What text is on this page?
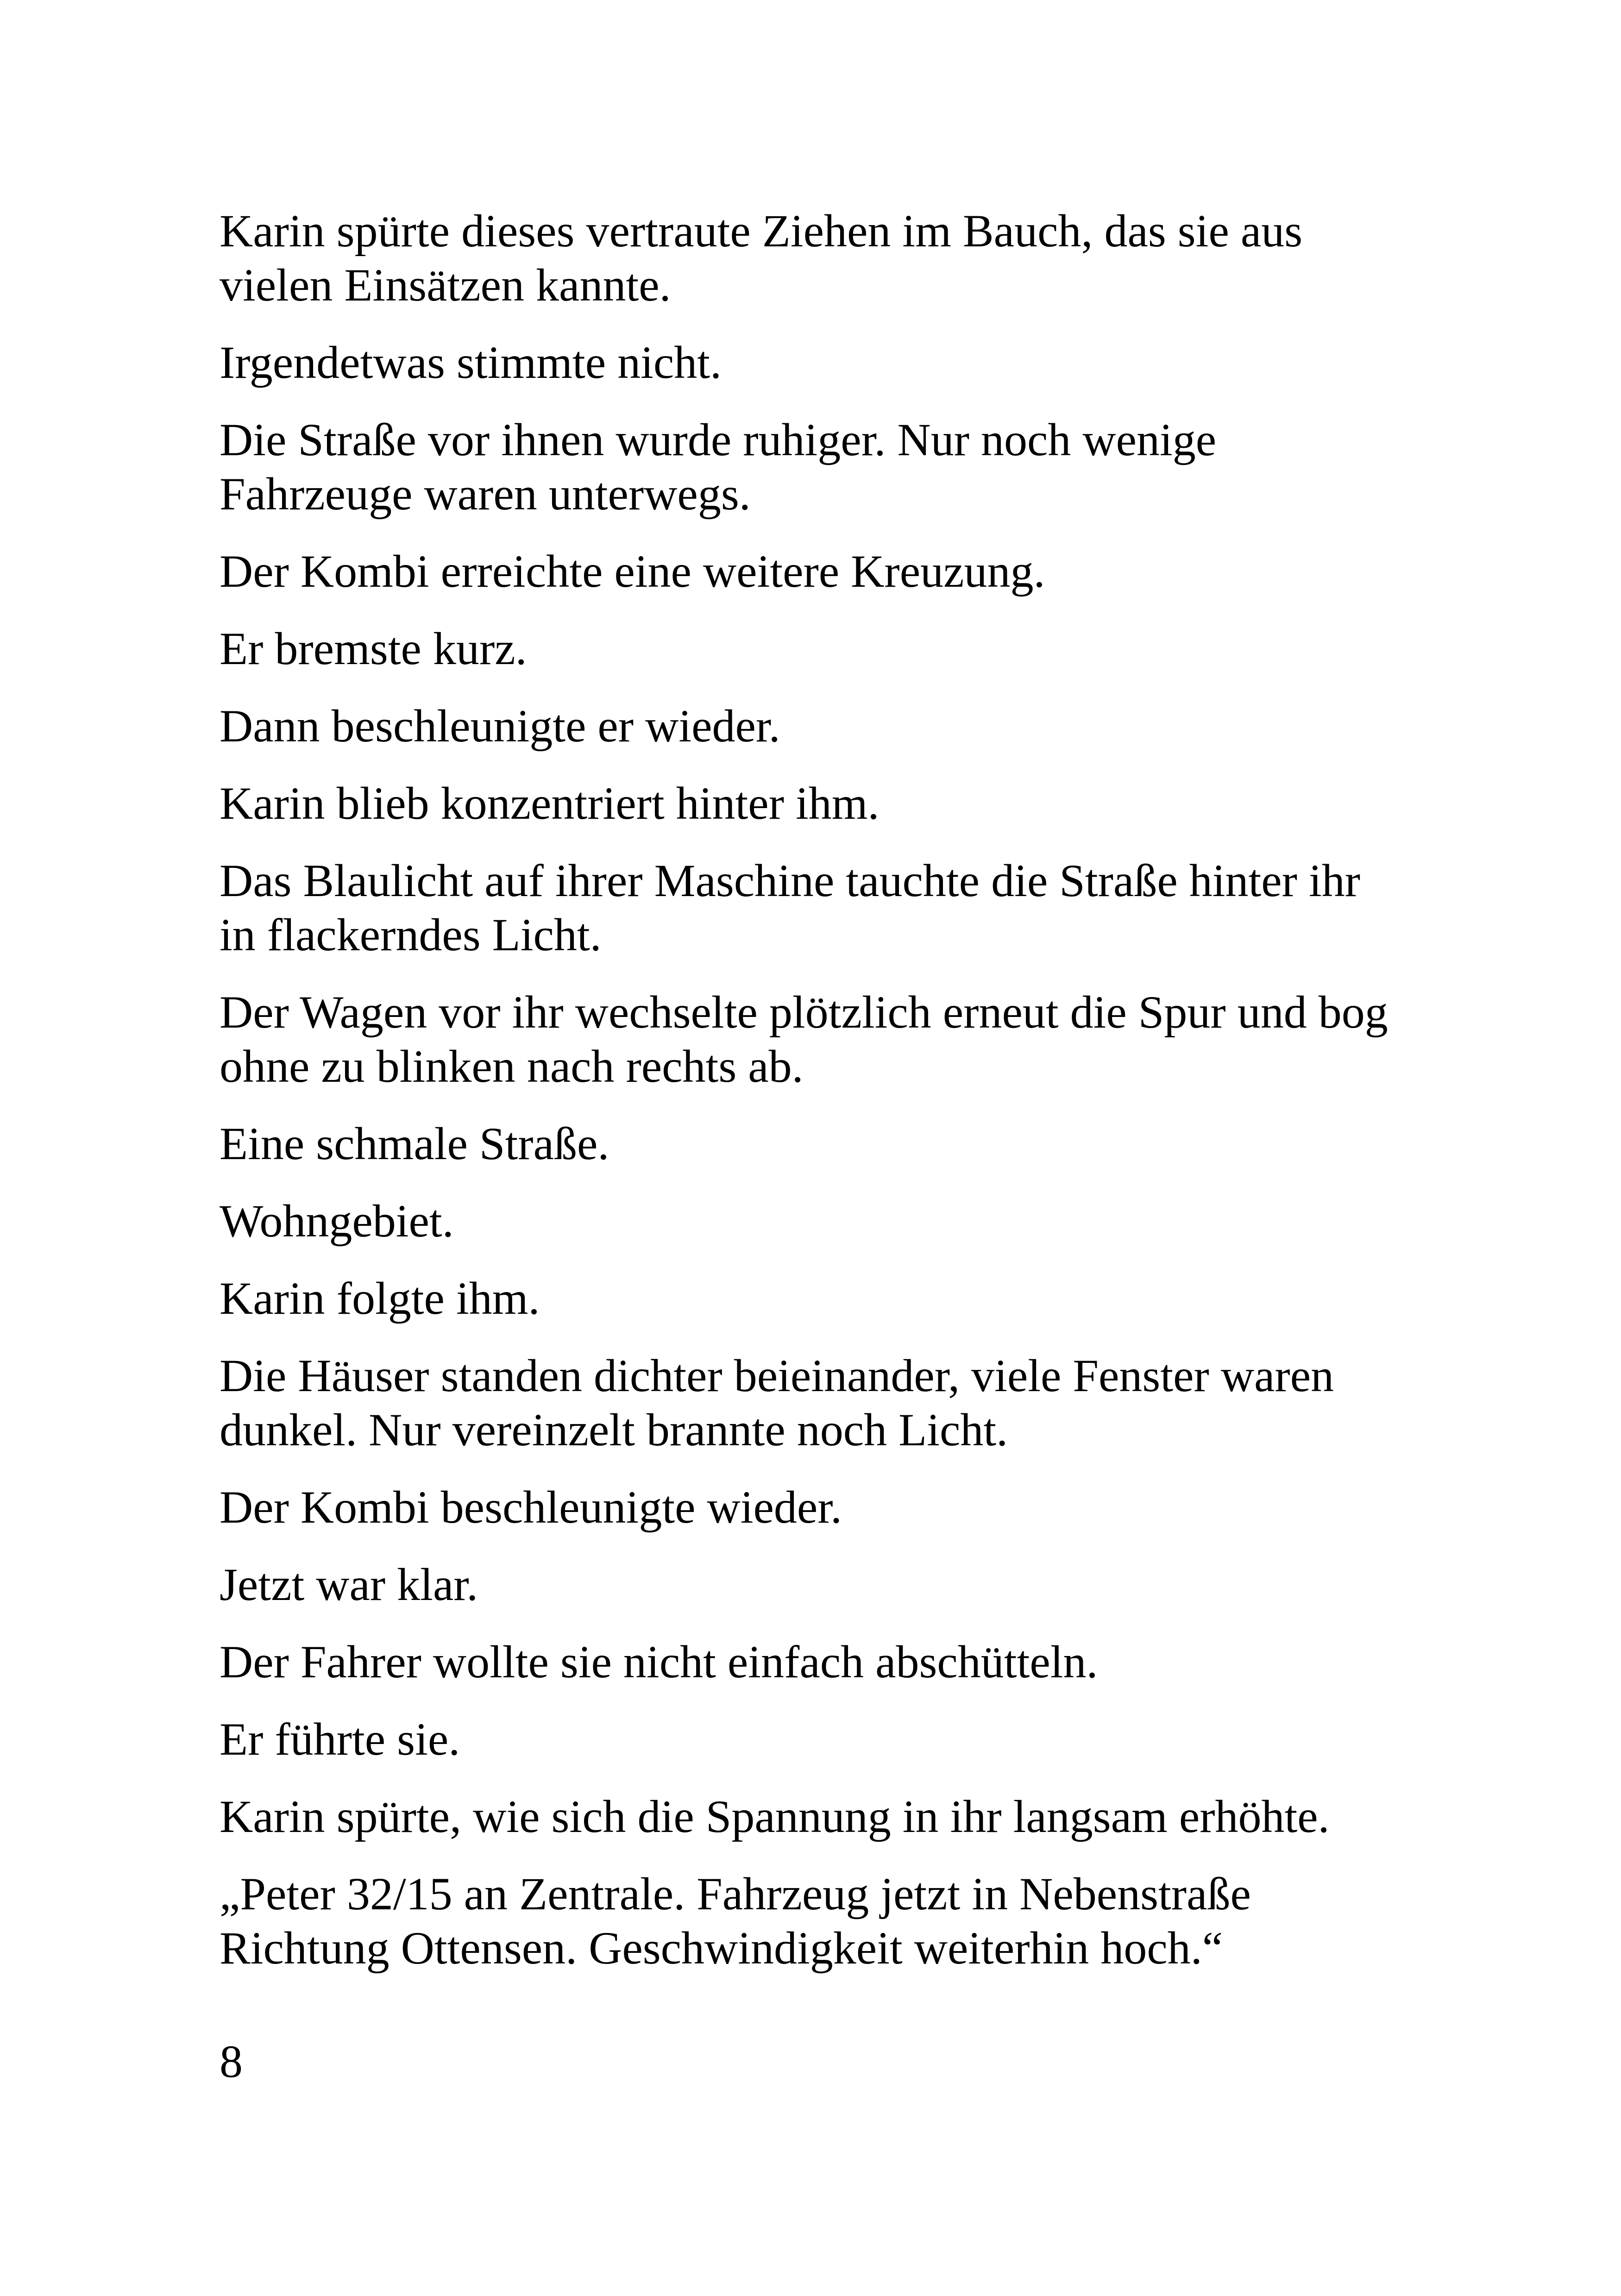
Karin spürte dieses vertraute Ziehen im Bauch, das sie aus
vielen Einsätzen kannte.

Irgendetwas stimmte nicht.

Die Straße vor ihnen wurde ruhiger. Nur noch wenige
Fahrzeuge waren unterwegs.

Der Kombi erreichte eine weitere Kreuzung.

Er bremste kurz.

Dann beschleunigte er wieder.

Karin blieb konzentriert hinter ihm.

Das Blaulicht auf ihrer Maschine tauchte die Straße hinter ihr
in flackerndes Licht.

Der Wagen vor ihr wechselte plötzlich erneut die Spur und bog
ohne zu blinken nach rechts ab.

Eine schmale Straße.

Wohngebiet.

Karin folgte ihm.

Die Häuser standen dichter beieinander, viele Fenster waren
dunkel. Nur vereinzelt brannte noch Licht.

Der Kombi beschleunigte wieder.

Jetzt war klar.

Der Fahrer wollte sie nicht einfach abschütteln.

Er führte sie.

Karin spürte, wie sich die Spannung in ihr langsam erhöhte.

„Peter 32/15 an Zentrale. Fahrzeug jetzt in Nebenstraße
Richtung Ottensen. Geschwindigkeit weiterhin hoch.“

8
